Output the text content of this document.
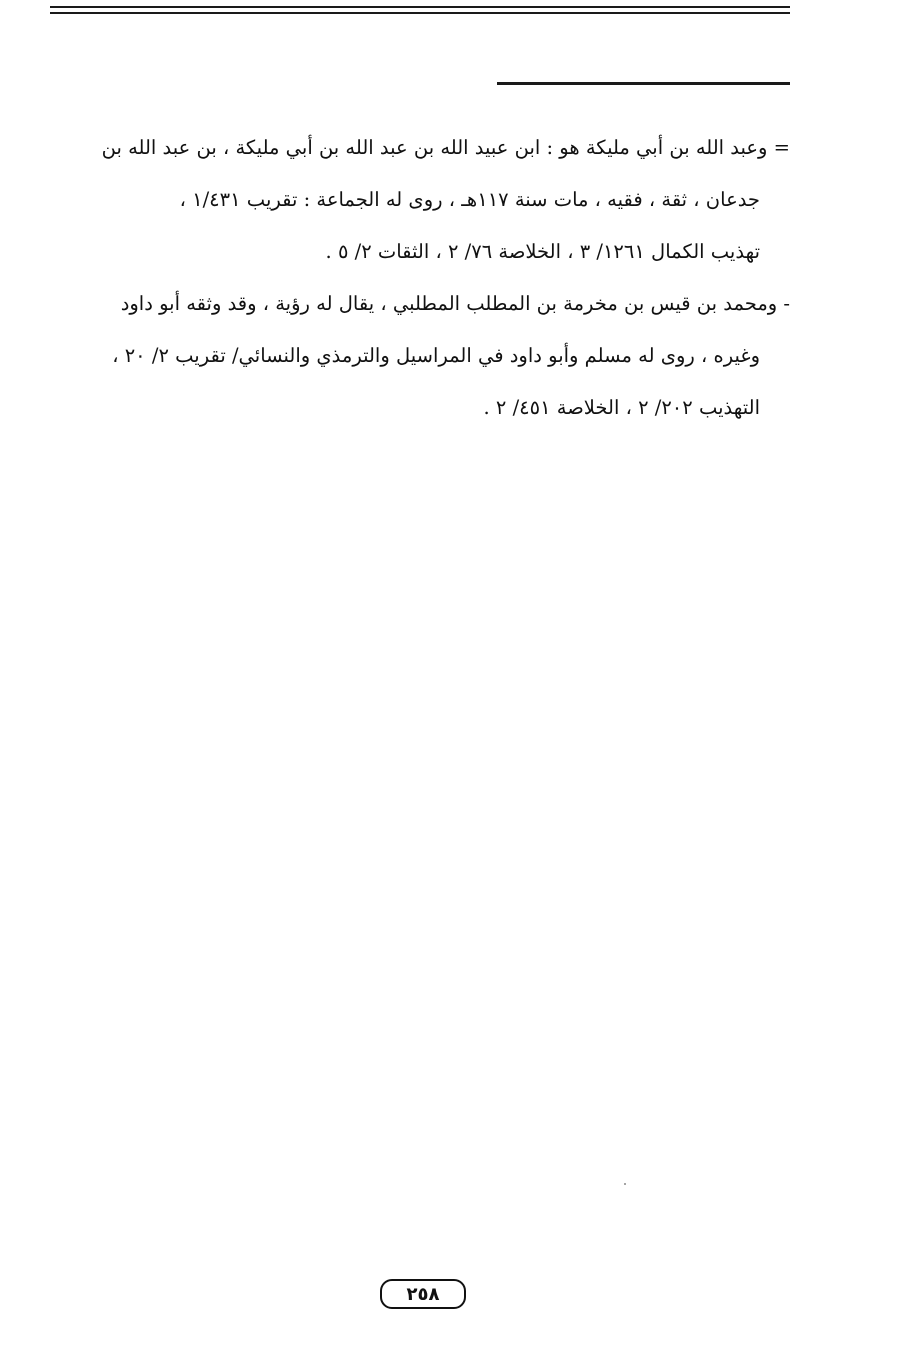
= وعبد الله بن أبي مليكة هو : ابن عبيد الله بن عبد الله بن أبي مليكة ، بن عبد الله بن
جدعان ، ثقة ، فقيه ، مات سنة ١١٧هـ ، روى له الجماعة : تقريب ١/٤٣١ ،
تهذيب الكمال ١٢٦١/ ٣ ، الخلاصة ٧٦/ ٢ ، الثقات ٢/ ٥ .

- ومحمد بن قيس بن مخرمة بن المطلب المطلبي ، يقال له رؤية ، وقد وثقه أبو داود
وغيره ، روى له مسلم وأبو داود في المراسيل والترمذي والنسائي/ تقريب ٢/ ٢٠ ،
التهذيب ٢٠٢/ ٢ ، الخلاصة ٤٥١/ ٢ .

٢٥٨
